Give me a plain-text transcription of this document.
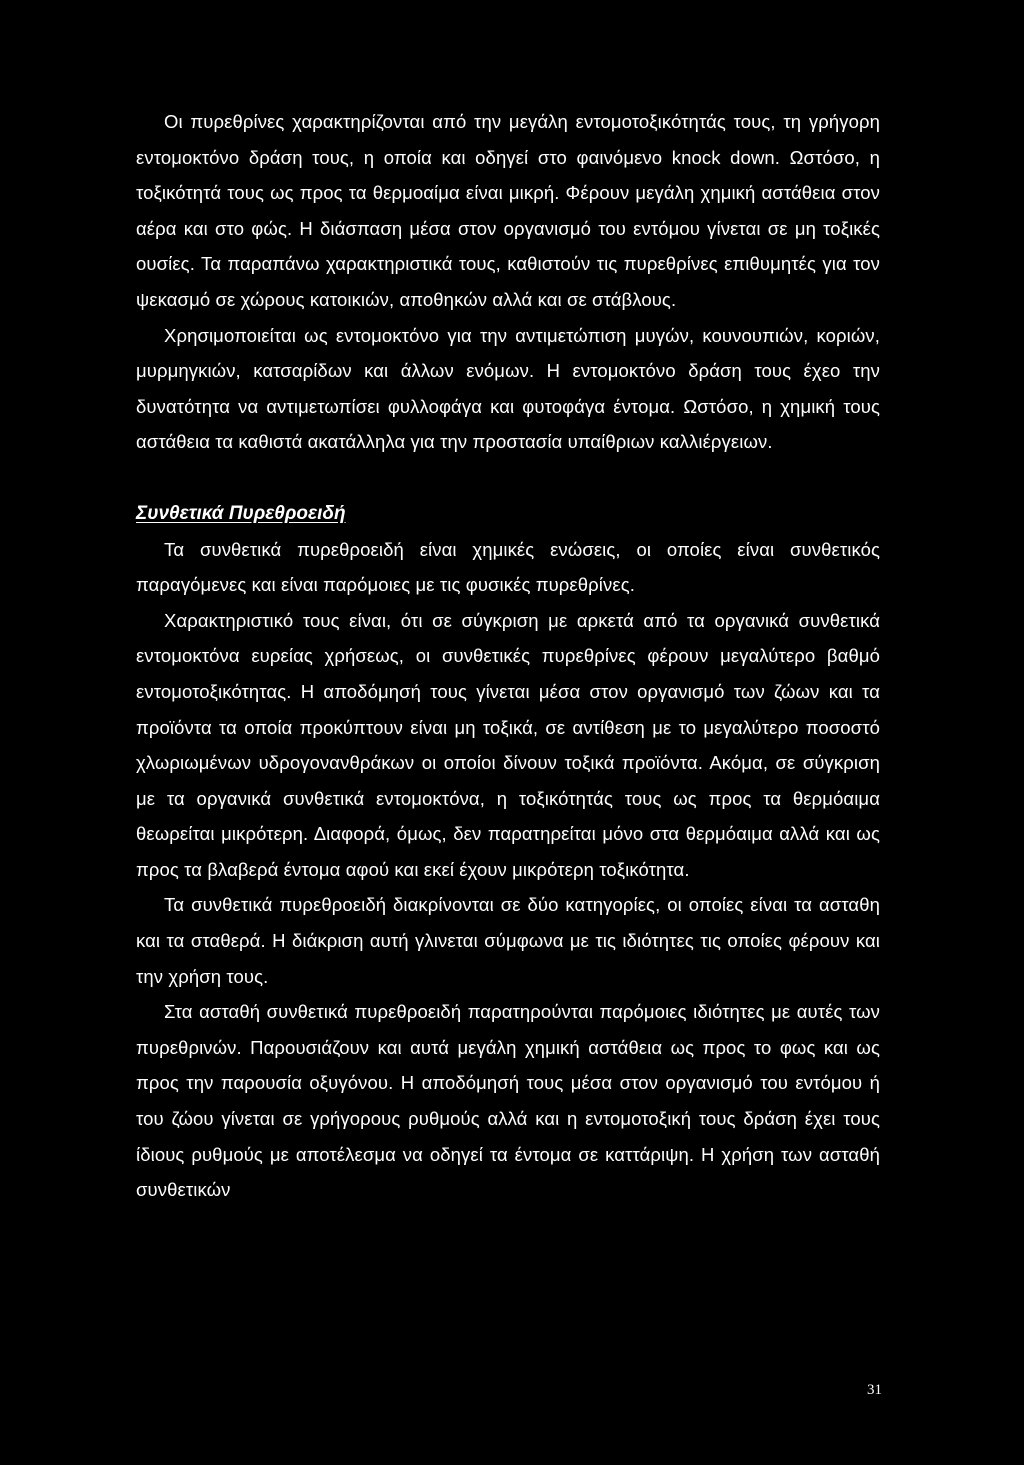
Οι πυρεθρίνες χαρακτηρίζονται από την μεγάλη εντομοτοξικότητάς τους, τη γρήγορη εντομοκτόνο δράση τους, η οποία και οδηγεί στο φαινόμενο knock down. Ωστόσο, η τοξικότητά τους ως προς τα θερμοαίμα είναι μικρή. Φέρουν μεγάλη χημική αστάθεια στον αέρα και στο φώς. Η διάσπαση μέσα στον οργανισμό του εντόμου γίνεται σε μη τοξικές ουσίες. Τα παραπάνω χαρακτηριστικά τους, καθιστούν τις πυρεθρίνες επιθυμητές για τον ψεκασμό σε χώρους κατοικιών, αποθηκών αλλά και σε στάβλους.

Χρησιμοποιείται ως εντομοκτόνο για την αντιμετώπιση μυγών, κουνουπιών, κοριών, μυρμηγκιών, κατσαρίδων και άλλων ενόμων. Η εντομοκτόνο δράση τους έχεο την δυνατότητα να αντιμετωπίσει φυλλοφάγα και φυτοφάγα έντομα. Ωστόσο, η χημική τους αστάθεια τα καθιστά ακατάλληλα για την προστασία υπαίθριων καλλιέργειων.

Συνθετικά Πυρεθροειδή

Τα συνθετικά πυρεθροειδή είναι χημικές ενώσεις, οι οποίες είναι συνθετικός παραγόμενες και είναι παρόμοιες με τις φυσικές πυρεθρίνες.

Χαρακτηριστικό τους είναι, ότι σε σύγκριση με αρκετά από τα οργανικά συνθετικά εντομοκτόνα ευρείας χρήσεως, οι συνθετικές πυρεθρίνες φέρουν μεγαλύτερο βαθμό εντομοτοξικότητας. Η αποδόμησή τους γίνεται μέσα στον οργανισμό των ζώων και τα προϊόντα τα οποία προκύπτουν είναι μη τοξικά, σε αντίθεση με το μεγαλύτερο ποσοστό χλωριωμένων υδρογονανθράκων οι οποίοι δίνουν τοξικά προϊόντα. Ακόμα, σε σύγκριση με τα οργανικά συνθετικά εντομοκτόνα, η τοξικότητάς τους ως προς τα θερμόαιμα θεωρείται μικρότερη. Διαφορά, όμως, δεν παρατηρείται μόνο στα θερμόαιμα αλλά και ως προς τα βλαβερά έντομα αφού και εκεί έχουν μικρότερη τοξικότητα.

Τα συνθετικά πυρεθροειδή διακρίνονται σε δύο κατηγορίες, οι οποίες είναι τα ασταθη και τα σταθερά. Η διάκριση αυτή γλινεται σύμφωνα με τις ιδιότητες τις οποίες φέρουν και την χρήση τους.

Στα ασταθή συνθετικά πυρεθροειδή παρατηρούνται παρόμοιες ιδιότητες με αυτές των πυρεθρινών. Παρουσιάζουν και αυτά μεγάλη χημική αστάθεια ως προς το φως και ως προς την παρουσία οξυγόνου. Η αποδόμησή τους μέσα στον οργανισμό του εντόμου ή του ζώου γίνεται σε γρήγορους ρυθμούς αλλά και η εντομοτοξική τους δράση έχει τους ίδιους ρυθμούς με αποτέλεσμα να οδηγεί τα έντομα σε καττάριψη. Η χρήση των ασταθή συνθετικών

31
